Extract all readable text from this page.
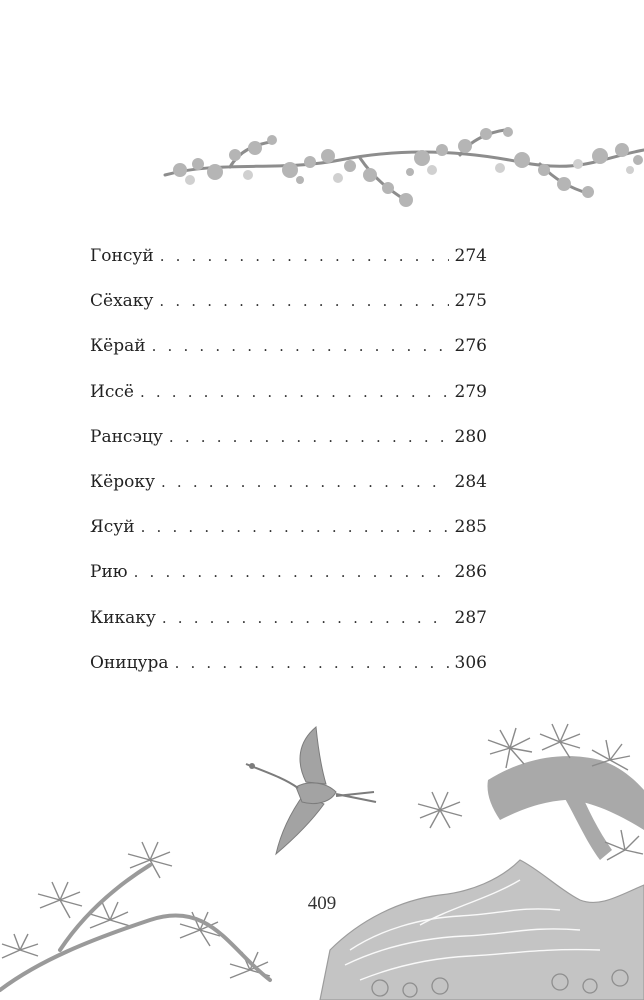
Гонсуй . . .	274
Сёхаку . . .	275
Кёрай . . .	276
Иссё . . .	279
Рансэцу . . .	280
Кёроку . . .	284
Ясуй . . .	285
Рию . . .	286
Кикаку . . .	287
Оницура . . .	306
409
